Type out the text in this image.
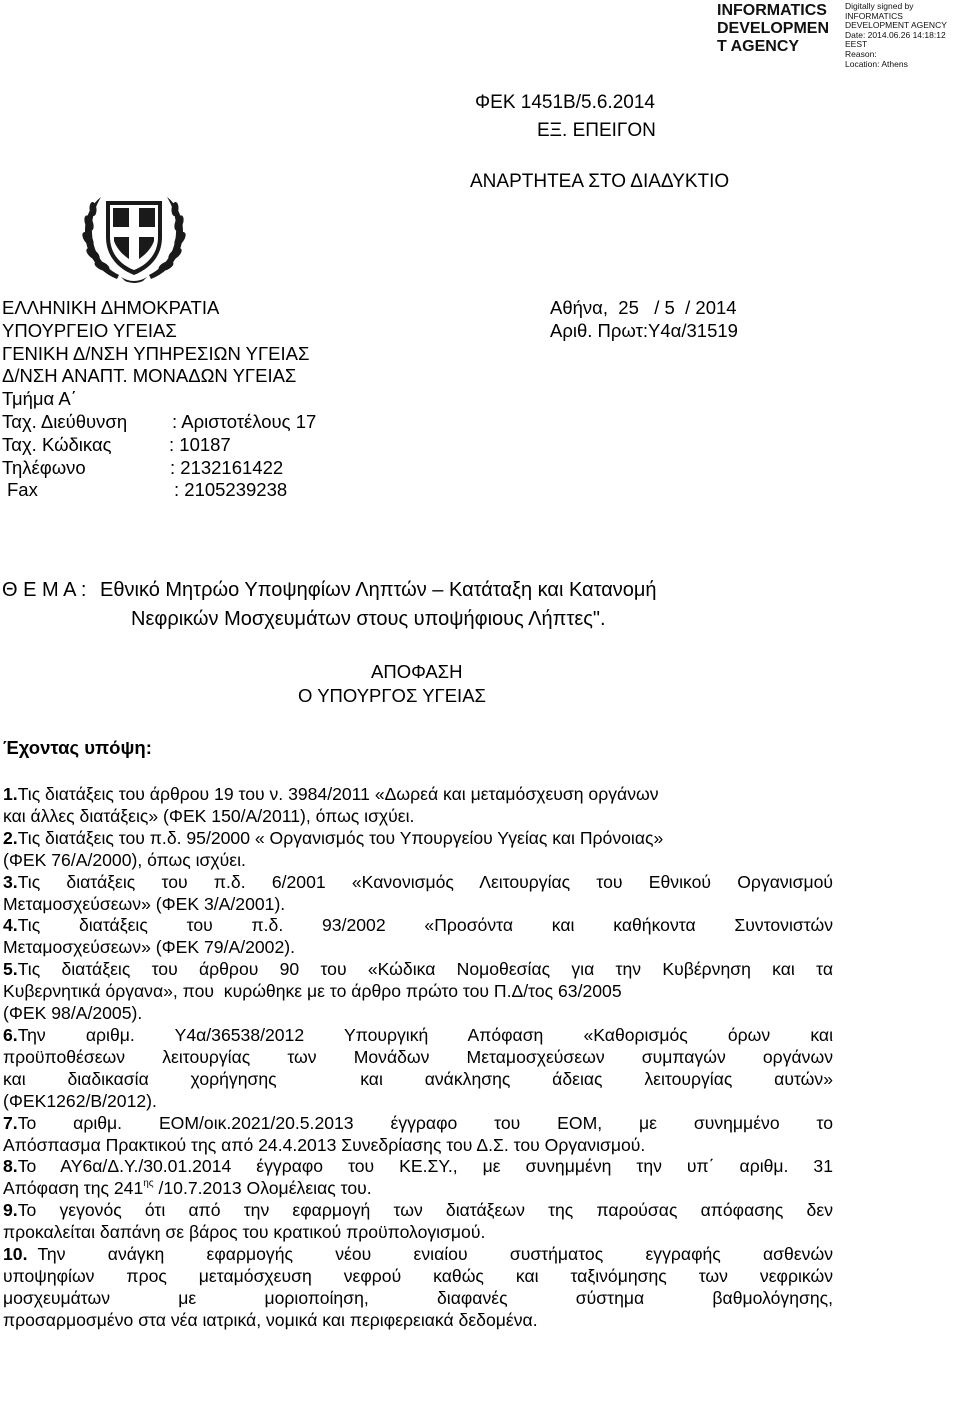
INFORMATICS
DEVELOPMEN
T AGENCY
Digitally signed by
INFORMATICS
DEVELOPMENT AGENCY
Date: 2014.06.26 14:18:12
EEST
Reason:
Location: Athens
ΦΕΚ 1451Β/5.6.2014
ΕΞ. ΕΠΕΙΓΟΝ
ΑΝΑΡΤΗΤΕΑ ΣΤΟ ΔΙΑΔΥΚΤΙΟ
ΕΛΛΗΝΙΚΗ ΔΗΜΟΚΡΑΤΙΑ
ΥΠΟΥΡΓΕΙΟ ΥΓΕΙΑΣ
ΓΕΝΙΚΗ Δ/ΝΣΗ ΥΠΗΡΕΣΙΩΝ ΥΓΕΙΑΣ
Δ/ΝΣΗ ΑΝΑΠΤ. ΜΟΝΑΔΩΝ ΥΓΕΙΑΣ
Τμήμα Α΄
Ταχ. Διεύθυνση : Αριστοτέλους 17
Ταχ. Κώδικας	: 10187
Τηλέφωνο	: 2132161422
Fax	: 2105239238
Αθήνα,  25   / 5  / 2014
Αριθ. Πρωτ:Υ4α/31519
Θ Ε Μ Α : Εθνικό Μητρώο Υποψηφίων Ληπτών – Κατάταξη και Κατανομή
Νεφρικών Μοσχευμάτων στους υποψήφιους Λήπτες".
ΑΠΟΦΑΣΗ
Ο ΥΠΟΥΡΓΟΣ ΥΓΕΙΑΣ
Έχοντας υπόψη:
1.Τις διατάξεις του άρθρου 19 του ν. 3984/2011 «Δωρεά και μεταμόσχευση οργάνων
και άλλες διατάξεις» (ΦΕΚ 150/Α/2011), όπως ισχύει.
2.Τις διατάξεις του π.δ. 95/2000 « Οργανισμός του Υπουργείου Υγείας και Πρόνοιας»
(ΦΕΚ 76/Α/2000), όπως ισχύει.
3.Τις διατάξεις του π.δ. 6/2001 «Κανονισμός Λειτουργίας του Εθνικού Οργανισμού
Μεταμοσχεύσεων» (ΦΕΚ 3/Α/2001).
4.Τις διατάξεις του π.δ. 93/2002 «Προσόντα και καθήκοντα Συντονιστών
Μεταμοσχεύσεων» (ΦΕΚ 79/Α/2002).
5.Τις διατάξεις του άρθρου 90 του «Κώδικα Νομοθεσίας για την Κυβέρνηση και τα
Κυβερνητικά όργανα», που  κυρώθηκε με το άρθρο πρώτο του Π.Δ/τος 63/2005
(ΦΕΚ 98/Α/2005).
6.Την αριθμ. Υ4α/36538/2012 Υπουργική Απόφαση «Καθορισμός όρων και
προϋποθέσεων λειτουργίας των Μονάδων Μεταμοσχεύσεων συμπαγών οργάνων
και διαδικασία χορήγησης  και ανάκλησης άδειας λειτουργίας αυτών»
(ΦΕΚ1262/Β/2012).
7.Το αριθμ. ΕΟΜ/οικ.2021/20.5.2013 έγγραφο του ΕΟΜ, με συνημμένο το
Απόσπασμα Πρακτικού της από 24.4.2013 Συνεδρίασης του Δ.Σ. του Οργανισμού.
8.Το ΑΥ6α/Δ.Υ./30.01.2014 έγγραφο του ΚΕ.ΣΥ., με συνημμένη την υπ΄ αριθμ. 31
Απόφαση της $241^{\eta\varsigma}$ /10.7.2013 Ολομέλειας του.
9.Το γεγονός ότι από την εφαρμογή των διατάξεων της παρούσας απόφασης δεν
προκαλείται δαπάνη σε βάρος του κρατικού προϋπολογισμού.
10. Την ανάγκη εφαρμογής νέου ενιαίου συστήματος εγγραφής ασθενών
υποψηφίων προς μεταμόσχευση νεφρού καθώς και ταξινόμησης των νεφρικών
μοσχευμάτων με μοριοποίηση, διαφανές σύστημα βαθμολόγησης,
προσαρμοσμένο στα νέα ιατρικά, νομικά και περιφερειακά δεδομένα.
